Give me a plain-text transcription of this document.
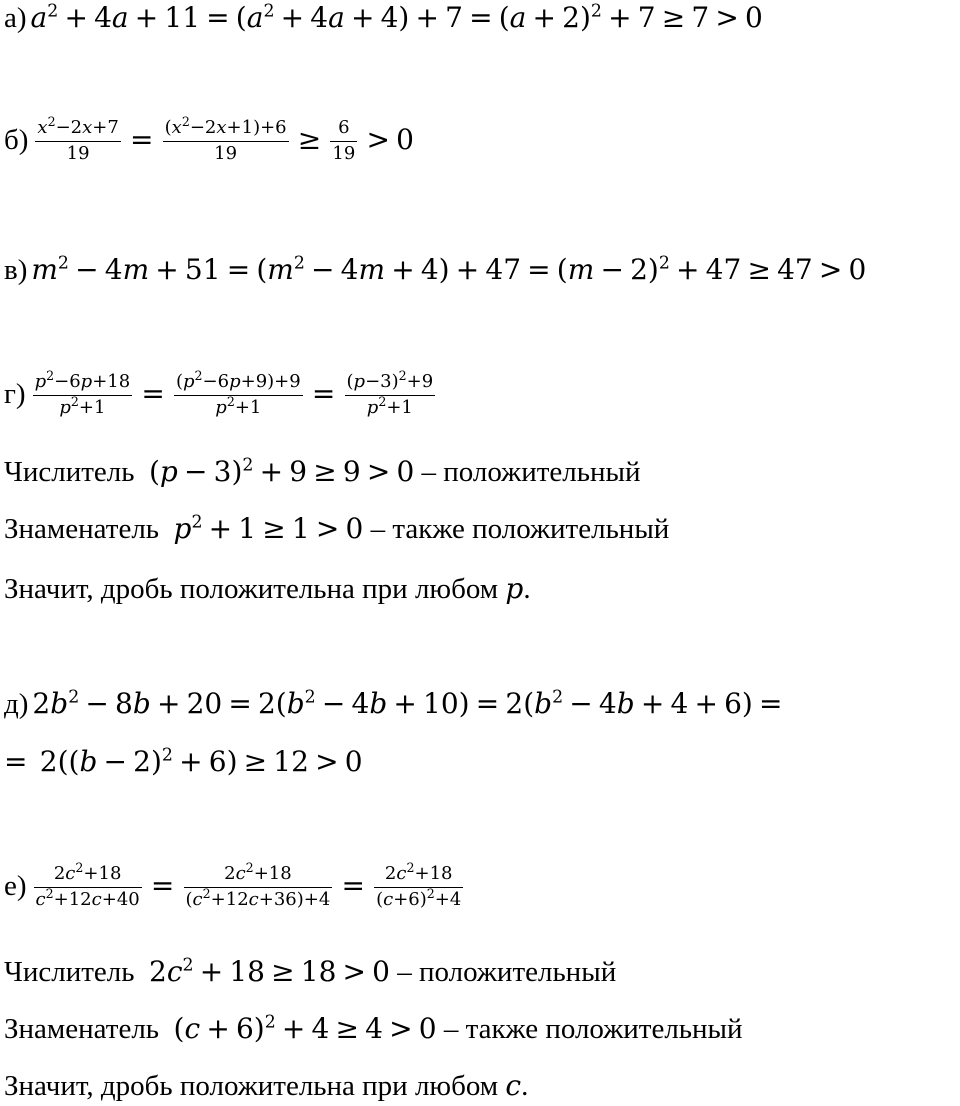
а) $a^2 + 4a + 11 = (a^2 + 4a + 4) + 7 = (a + 2)^2 + 7 \ge 7 > 0$
$б) \frac{x^2-2x+7}{19} = \frac{(x^2-2x+1)+6}{19} \ge \frac{6}{19} > 0$
в) $m^2 - 4m + 51 = (m^2 - 4m + 4) + 47 = (m - 2)^2 + 47 \ge 47 > 0$
$г) \frac{p^2-6p+18}{p^2+1} = \frac{(p^2-6p+9)+9}{p^2+1} = \frac{(p-3)^2+9}{p^2+1}$
Числитель $(p - 3)^2 + 9 \ge 9 > 0$ – положительный
Знаменатель $p^2 + 1 \ge 1 > 0$ – также положительный
Значит, дробь положительна при любом p.
д) $2b^2 - 8b + 20 = 2(b^2 - 4b + 10) = 2(b^2 - 4b + 4 + 6)$ =
= $2((b - 2)^2 + 6) \ge 12 > 0$
$е) \frac{2c^2+18}{c^2+12c+40} = \frac{2c^2+18}{(c^2+12c+36)+4} = \frac{2c^2+18}{(c+6)^2+4}$
Числитель $2c^2 + 18 \ge 18 > 0$ – положительный
Знаменатель $(c + 6)^2 + 4 \ge 4 > 0$ – также положительный
Значит, дробь положительна при любом c.
